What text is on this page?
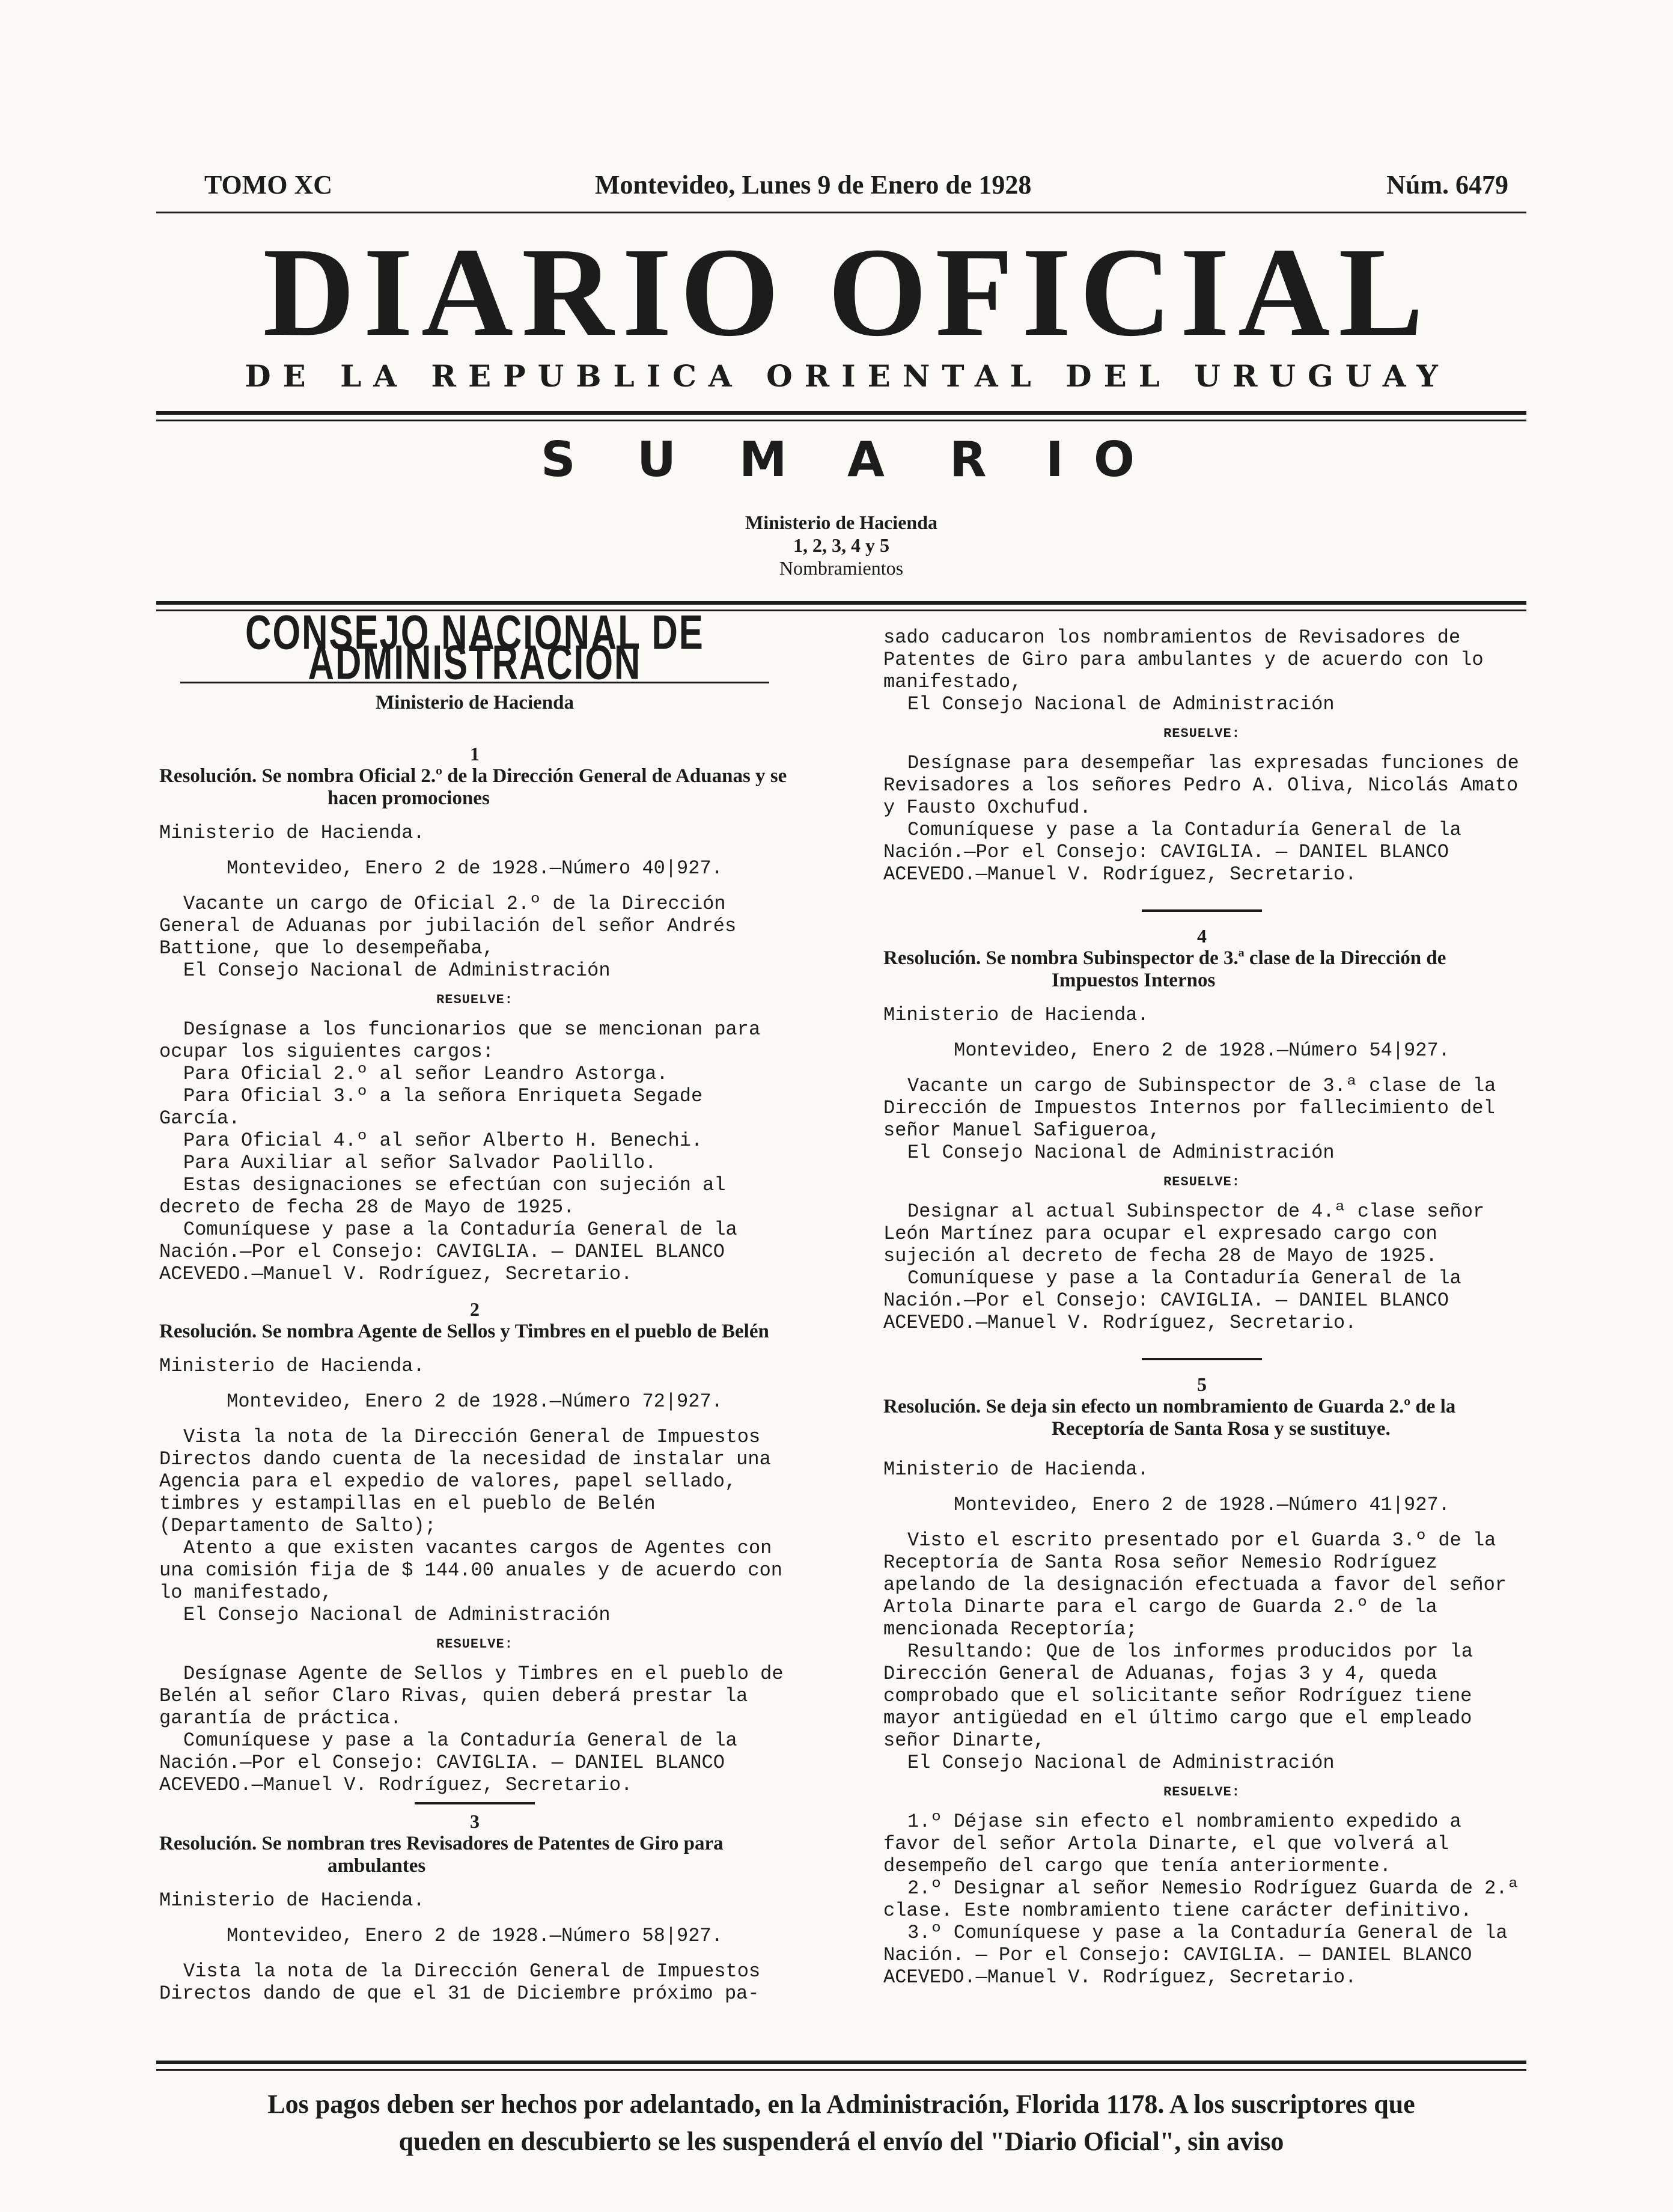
TOMO XC	Montevideo, Lunes 9 de Enero de 1928	Núm. 6479
DIARIO OFICIAL
DE LA REPUBLICA ORIENTAL DEL URUGUAY
S U M A R I O
Ministerio de Hacienda
1, 2, 3, 4 y 5
Nombramientos
CONSEJO NACIONAL DE ADMINISTRACIÓN
Ministerio de Hacienda

1

Resolución. Se nombra Oficial 2.º de la Dirección General de Aduanas y se hacen promociones

Ministerio de Hacienda.

Montevideo, Enero 2 de 1928.—Número 40|927.

Vacante un cargo de Oficial 2.º de la Dirección General de Aduanas por jubilación del señor Andrés Battione, que lo desempeñaba,

El Consejo Nacional de Administración

RESUELVE:

Desígnase a los funcionarios que se mencionan para ocupar los siguientes cargos:

Para Oficial 2.º al señor Leandro Astorga.

Para Oficial 3.º a la señora Enriqueta Segade García.

Para Oficial 4.º al señor Alberto H. Benechi.

Para Auxiliar al señor Salvador Paolillo.

Estas designaciones se efectúan con sujeción al decreto de fecha 28 de Mayo de 1925.

Comuníquese y pase a la Contaduría General de la Nación.—Por el Consejo: CAVIGLIA. — DANIEL BLANCO ACEVEDO.—Manuel V. Rodríguez, Secretario.

2

Resolución. Se nombra Agente de Sellos y Timbres en el pueblo de Belén

Ministerio de Hacienda.

Montevideo, Enero 2 de 1928.—Número 72|927.

Vista la nota de la Dirección General de Impuestos Directos dando cuenta de la necesidad de instalar una Agencia para el expedio de valores, papel sellado, timbres y estampillas en el pueblo de Belén (Departamento de Salto);

Atento a que existen vacantes cargos de Agentes con una comisión fija de $ 144.00 anuales y de acuerdo con lo manifestado,

El Consejo Nacional de Administración

RESUELVE:

Desígnase Agente de Sellos y Timbres en el pueblo de Belén al señor Claro Rivas, quien deberá prestar la garantía de práctica.

Comuníquese y pase a la Contaduría General de la Nación.—Por el Consejo: CAVIGLIA. — DANIEL BLANCO ACEVEDO.—Manuel V. Rodríguez, Secretario.

3

Resolución. Se nombran tres Revisadores de Patentes de Giro para ambulantes

Ministerio de Hacienda.

Montevideo, Enero 2 de 1928.—Número 58|927.

Vista la nota de la Dirección General de Impuestos Directos dando de que el 31 de Diciembre próximo pa-

sado caducaron los nombramientos de Revisadores de Patentes de Giro para ambulantes y de acuerdo con lo manifestado,

El Consejo Nacional de Administración

RESUELVE:

Desígnase para desempeñar las expresadas funciones de Revisadores a los señores Pedro A. Oliva, Nicolás Amato y Fausto Oxchufud.

Comuníquese y pase a la Contaduría General de la Nación.—Por el Consejo: CAVIGLIA. — DANIEL BLANCO ACEVEDO.—Manuel V. Rodríguez, Secretario.

4

Resolución. Se nombra Subinspector de 3.ª clase de la Dirección de Impuestos Internos

Ministerio de Hacienda.

Montevideo, Enero 2 de 1928.—Número 54|927.

Vacante un cargo de Subinspector de 3.ª clase de la Dirección de Impuestos Internos por fallecimiento del señor Manuel Safigueroa,

El Consejo Nacional de Administración

RESUELVE:

Designar al actual Subinspector de 4.ª clase señor León Martínez para ocupar el expresado cargo con sujeción al decreto de fecha 28 de Mayo de 1925.

Comuníquese y pase a la Contaduría General de la Nación.—Por el Consejo: CAVIGLIA. — DANIEL BLANCO ACEVEDO.—Manuel V. Rodríguez, Secretario.

5

Resolución. Se deja sin efecto un nombramiento de Guarda 2.º de la Receptoría de Santa Rosa y se sustituye.

Ministerio de Hacienda.

Montevideo, Enero 2 de 1928.—Número 41|927.

Visto el escrito presentado por el Guarda 3.º de la Receptoría de Santa Rosa señor Nemesio Rodríguez apelando de la designación efectuada a favor del señor Artola Dinarte para el cargo de Guarda 2.º de la mencionada Receptoría;

Resultando: Que de los informes producidos por la Dirección General de Aduanas, fojas 3 y 4, queda comprobado que el solicitante señor Rodríguez tiene mayor antigüedad en el último cargo que el empleado señor Dinarte,

El Consejo Nacional de Administración

RESUELVE:

1.º Déjase sin efecto el nombramiento expedido a favor del señor Artola Dinarte, el que volverá al desempeño del cargo que tenía anteriormente.

2.º Designar al señor Nemesio Rodríguez Guarda de 2.ª clase. Este nombramiento tiene carácter definitivo.

3.º Comuníquese y pase a la Contaduría General de la Nación. — Por el Consejo: CAVIGLIA. — DANIEL BLANCO ACEVEDO.—Manuel V. Rodríguez, Secretario.

Los pagos deben ser hechos por adelantado, en la Administración, Florida 1178. A los suscriptores que
queden en descubierto se les suspenderá el envío del "Diario Oficial", sin aviso
